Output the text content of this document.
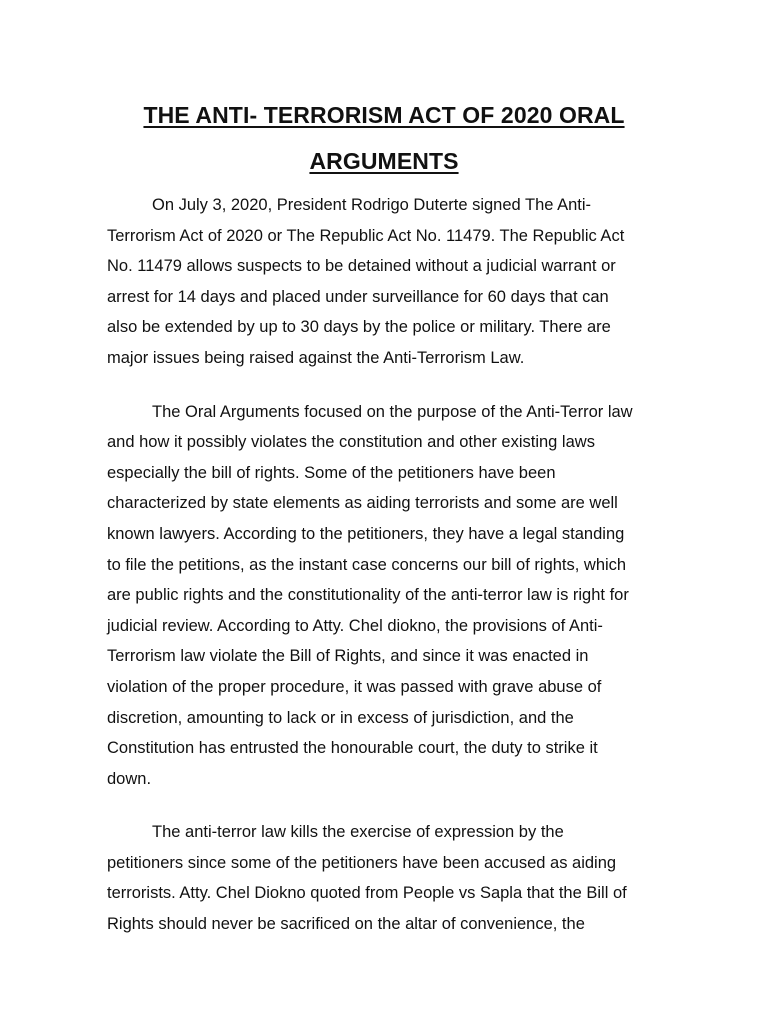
THE ANTI- TERRORISM ACT OF 2020 ORAL
ARGUMENTS

On July 3, 2020, President Rodrigo Duterte signed The Anti-
Terrorism Act of 2020 or The Republic Act No. 11479. The Republic Act
No. 11479 allows suspects to be detained without a judicial warrant or
arrest for 14 days and placed under surveillance for 60 days that can
also be extended by up to 30 days by the police or military. There are
major issues being raised against the Anti-Terrorism Law.

The Oral Arguments focused on the purpose of the Anti-Terror law
and how it possibly violates the constitution and other existing laws
especially the bill of rights. Some of the petitioners have been
characterized by state elements as aiding terrorists and some are well
known lawyers. According to the petitioners, they have a legal standing
to file the petitions, as the instant case concerns our bill of rights, which
are public rights and the constitutionality of the anti-terror law is right for
judicial review. According to Atty. Chel diokno, the provisions of Anti-
Terrorism law violate the Bill of Rights, and since it was enacted in
violation of the proper procedure, it was passed with grave abuse of
discretion, amounting to lack or in excess of jurisdiction, and the
Constitution has entrusted the honourable court, the duty to strike it
down.

The anti-terror law kills the exercise of expression by the
petitioners since some of the petitioners have been accused as aiding
terrorists. Atty. Chel Diokno quoted from People vs Sapla that the Bill of
Rights should never be sacrificed on the altar of convenience, the
